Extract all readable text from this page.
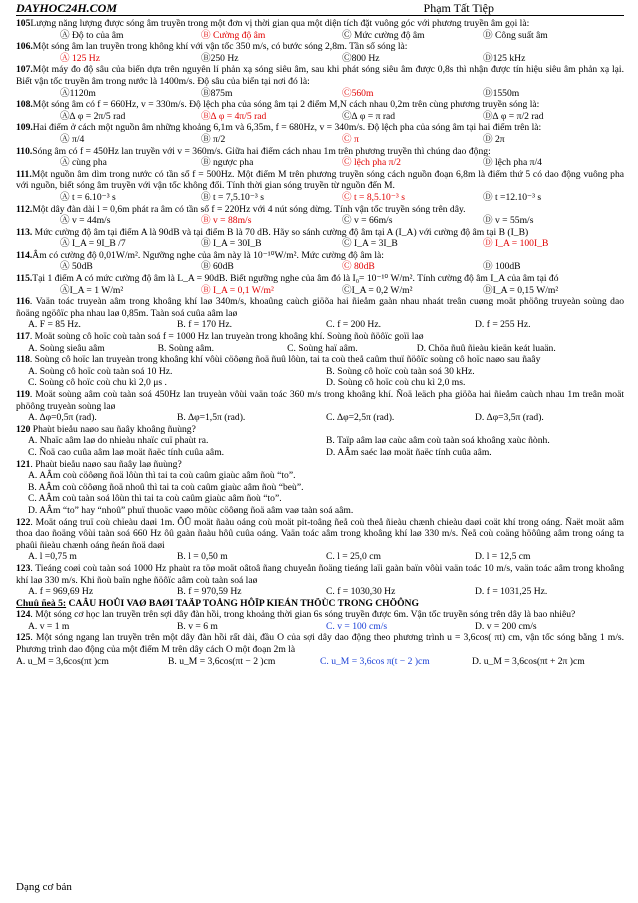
DAYHOC24H.COM	Phạm Tất Tiệp
105Lượng năng lượng được sóng âm truyền trong một đơn vị thời gian qua một diện tích đặt vuông góc với phương truyền âm gọi là:
Ⓐ Độ to của âm	Ⓑ Cường độ âm	Ⓒ Mức cường độ âm	Ⓓ Công suất âm
106.Một sóng âm lan truyền trong không khí với vận tốc 350 m/s, có bước sóng 2,8m. Tần số sóng là:
Ⓐ 125 Hz	Ⓑ250 Hz	Ⓒ800 Hz	Ⓓ125 kHz
107.Một máy đo độ sâu của biển dựa trên nguyên lí phản xạ sóng siêu âm, sau khi phát sóng siêu âm được 0,8s thì nhận được tín hiệu siêu âm phản xạ lại. Biết vận tốc truyền âm trong nước là 1400m/s. Độ sâu của biển tại nơi đó là:
Ⓐ1120m	Ⓑ875m	Ⓒ560m	Ⓓ1550m
108.Một sóng âm có f = 660Hz, v = 330m/s. Độ lệch pha của sóng âm tại 2 điểm M,N cách nhau 0,2m trên cùng phương truyền sóng là:
Ⓐ∆ φ = 2π/5 rad	Ⓑ∆ φ = 4π/5 rad	Ⓒ∆ φ = π rad	Ⓓ∆ φ = π/2 rad
109.Hai điểm ở cách một nguồn âm những khoảng 6,1m và 6,35m, f = 680Hz, v = 340m/s. Độ lệch pha của sóng âm tại hai điểm trên là:
Ⓐ π/4	Ⓑ π/2	Ⓒ π	Ⓓ 2π
110.Sóng âm có f = 450Hz lan truyền với v = 360m/s. Giữa hai điểm cách nhau 1m trên phương truyền thì chúng dao động:
Ⓐ cùng pha	Ⓑ ngược pha	Ⓒ lệch pha π/2	Ⓓ lệch pha π/4
111.Một nguồn âm dìm trong nước có tần số f = 500Hz. Một điểm M trên phương truyền sóng cách nguồn đoạn 6,8m là điểm thứ 5 có dao động vuông pha với nguồn, biết sóng âm truyền với vận tốc không đổi. Tính thời gian sóng truyền từ nguồn đến M.
Ⓐ t = 6.10⁻³ s	Ⓑ t = 7,5.10⁻³ s	Ⓒ t = 8,5.10⁻³ s	Ⓓ t =12.10⁻³ s
112.Một dây đàn dài l = 0,6m phát ra âm có tần số f = 220Hz với 4 nút sóng dừng. Tính vận tốc truyền sóng trên dây.
Ⓐ v = 44m/s	Ⓑ v = 88m/s	Ⓒ v = 66m/s	Ⓓ v = 55m/s
113. Mức cường độ âm tại điểm A là 90dB và tại điểm B là 70 dB. Hãy so sánh cường độ âm tại A (I_A) với cường độ âm tại B (I_B)
Ⓐ I_A = 9I_B /7	Ⓑ I_A = 30I_B	Ⓒ I_A = 3I_B	Ⓓ I_A = 100I_B
114.Âm có cường độ 0,01W/m². Ngưỡng nghe của âm này là 10⁻¹⁰W/m². Mức cường độ âm là:
Ⓐ 50dB	Ⓑ 60dB	Ⓒ 80dB	Ⓓ 100dB
115.Tại 1 điểm A có mức cường độ âm là L_A = 90dB. Biết ngưỡng nghe của âm đó là I₀= 10⁻¹⁰ W/m². Tính cường độ âm I_A của âm tại đó
ⒶI_A = 1 W/m²	Ⓑ I_A = 0,1 W/m²	ⒸI_A = 0,2 W/m²	ⒹI_A = 0,15 W/m²
116. Vaän toác truyeàn aâm trong khoâng khí laø 340m/s, khoaûng caùch giöõa hai ñieåm gaàn nhau nhaát treân cuøng moät phöông truyeàn soùng dao ñoäng ngöôïc pha nhau laø 0,85m. Taàn soá cuûa aâm laø
A. F = 85 Hz.	B. f = 170 Hz.	C. f = 200 Hz.	D. f = 255 Hz.
117. Moät soùng cô hoïc coù taàn soá f = 1000 Hz lan truyeàn trong khoâng khí. Soùng ñoù ñöôïc goïi laø
A. Soùng sieâu aâm	B. Soùng aâm.	C. Soùng haï aâm.	D. Chöa ñuû ñieàu kieän keát luaän.
118. Soùng cô hoïc lan truyeàn trong khoâng khí vôùi cöôøng ñoä ñuû lôùn, tai ta coù theå caûm thuï ñöôïc soùng cô hoïc naøo sau ñaây
A. Soùng cô hoïc coù taàn soá 10 Hz.	B. Soùng cô hoïc coù taàn soá 30 kHz.
C. Soùng cô hoïc coù chu kì 2,0 μs .	D. Soùng cô hoïc coù chu kì 2,0 ms.
119. Moät soùng aâm coù taàn soá 450Hz lan truyeàn vôùi vaän toác 360 m/s trong khoâng khí. Ñoä leäch pha giöõa hai ñieåm caùch nhau 1m treân moät phöông truyeàn soùng laø
A. ∆φ=0,5π (rad).	B. ∆φ=1,5π (rad).	C. ∆φ=2,5π (rad).	D. ∆φ=3,5π (rad).
120 Phaùt bieåu naøo sau ñaây khoâng ñuùng?
A. Nhaïc aâm laø do nhieàu nhaïc cuï phaùt ra.	B. Taïp aâm laø caùc aâm coù taàn soá khoâng xaùc ñònh.
C. Ñoä cao cuûa aâm laø moät ñaëc tính cuûa aâm.	D. AÂm saéc laø moät ñaëc tính cuûa aâm.
121. Phaùt bieåu naøo sau ñaây laø ñuùng?
A. AÂm coù cöôøng ñoä lôùn thì tai ta coù caûm giaùc aâm ñoù “to”.
B. AÂm coù cöôøng ñoä nhoû thì tai ta coù caûm giaùc aâm ñoù “beù”.
C. AÂm coù taàn soá lôùn thì tai ta coù caûm giaùc aâm ñoù “to”.
D. AÂm “to” hay “nhoû” phuï thuoäc vaøo möùc cöôøng ñoä aâm vaø taàn soá aâm.
122. Moät oáng truï coù chieàu daøi 1m. ÔÛ moät ñaàu oáng coù moät pit-toâng ñeå coù theå ñieàu chænh chieàu daøi coät khí trong oáng. Ñaët moät aâm thoa dao ñoäng vôùi taàn soá 660 Hz ôû gaàn ñaàu hôû cuûa oáng. Vaän toác aâm trong khoâng khí laø 330 m/s. Ñeå coù coäng höôûng aâm trong oáng ta phaûi ñieàu chænh oáng ñeán ñoä daøi
A. l =0,75 m	B. l = 0,50 m	C. l = 25,0 cm	D. l = 12,5 cm
123. Tieáng coøi coù taàn soá 1000 Hz phaùt ra töø moät oâtoâ ñang chuyeån ñoäng tieáng laïi gaàn baïn vôùi vaän toác 10 m/s, vaän toác aâm trong khoâng khí laø 330 m/s. Khi ñoù baïn nghe ñöôïc aâm coù taàn soá laø
A. f = 969,69 Hz	B. f = 970,59 Hz	C. f = 1030,30 Hz	D. f = 1031,25 Hz.
Chuû ñeà 5: CAÂU HOÛI VAØ BAØI TAÄP TOÅNG HÔÏP KIEÁN THÖÙC TRONG CHÖÔNG
124. Một sóng cơ học lan truyền trên sợi dây đàn hồi, trong khoảng thời gian 6s sóng truyền được 6m. Vận tốc truyền sóng trên dây là bao nhiêu?
A. v = 1 m	B. v = 6 m	C. v = 100 cm/s	D. v = 200 cm/s
125. Một sóng ngang lan truyền trên một dây đàn hồi rất dài, đầu O của sợi dây dao động theo phương trình u = 3,6cos( πt) cm, vận tốc sóng bằng 1 m/s. Phương trình dao động của một điểm M trên dây cách O một đoạn 2m là
A. u_M = 3,6cos(πt )cm	B. u_M = 3,6cos(πt − 2 )cm	C. u_M = 3,6cos π(t − 2 )cm	D. u_M = 3,6cos(πt + 2π )cm
Dạng cơ bản
